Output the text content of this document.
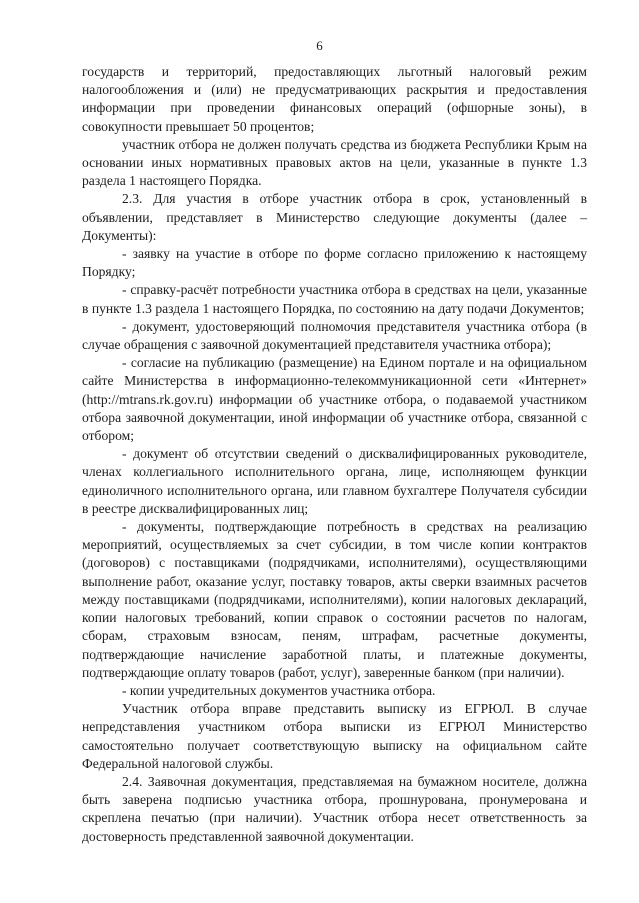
6

государств и территорий, предоставляющих льготный налоговый режим налогообложения и (или) не предусматривающих раскрытия и предоставления информации при проведении финансовых операций (офшорные зоны), в совокупности превышает 50 процентов;

участник отбора не должен получать средства из бюджета Республики Крым на основании иных нормативных правовых актов на цели, указанные в пункте 1.3 раздела 1 настоящего Порядка.

2.3. Для участия в отборе участник отбора в срок, установленный в объявлении, представляет в Министерство следующие документы (далее – Документы):

- заявку на участие в отборе по форме согласно приложению к настоящему Порядку;

- справку-расчёт потребности участника отбора в средствах на цели, указанные в пункте 1.3 раздела 1 настоящего Порядка, по состоянию на дату подачи Документов;

- документ, удостоверяющий полномочия представителя участника отбора (в случае обращения с заявочной документацией представителя участника отбора);

- согласие на публикацию (размещение) на Едином портале и на официальном сайте Министерства в информационно-телекоммуникационной сети «Интернет» (http://mtrans.rk.gov.ru) информации об участнике отбора, о подаваемой участником отбора заявочной документации, иной информации об участнике отбора, связанной с отбором;

- документ об отсутствии сведений о дисквалифицированных руководителе, членах коллегиального исполнительного органа, лице, исполняющем функции единоличного исполнительного органа, или главном бухгалтере Получателя субсидии в реестре дисквалифицированных лиц;

- документы, подтверждающие потребность в средствах на реализацию мероприятий, осуществляемых за счет субсидии, в том числе копии контрактов (договоров) с поставщиками (подрядчиками, исполнителями), осуществляющими выполнение работ, оказание услуг, поставку товаров, акты сверки взаимных расчетов между поставщиками (подрядчиками, исполнителями), копии налоговых деклараций, копии налоговых требований, копии справок о состоянии расчетов по налогам, сборам, страховым взносам, пеням, штрафам, расчетные документы, подтверждающие начисление заработной платы, и платежные документы, подтверждающие оплату товаров (работ, услуг), заверенные банком (при наличии).

- копии учредительных документов участника отбора.

Участник отбора вправе представить выписку из ЕГРЮЛ. В случае непредставления участником отбора выписки из ЕГРЮЛ Министерство самостоятельно получает соответствующую выписку на официальном сайте Федеральной налоговой службы.

2.4. Заявочная документация, представляемая на бумажном носителе, должна быть заверена подписью участника отбора, прошнурована, пронумерована и скреплена печатью (при наличии). Участник отбора несет ответственность за достоверность представленной заявочной документации.
